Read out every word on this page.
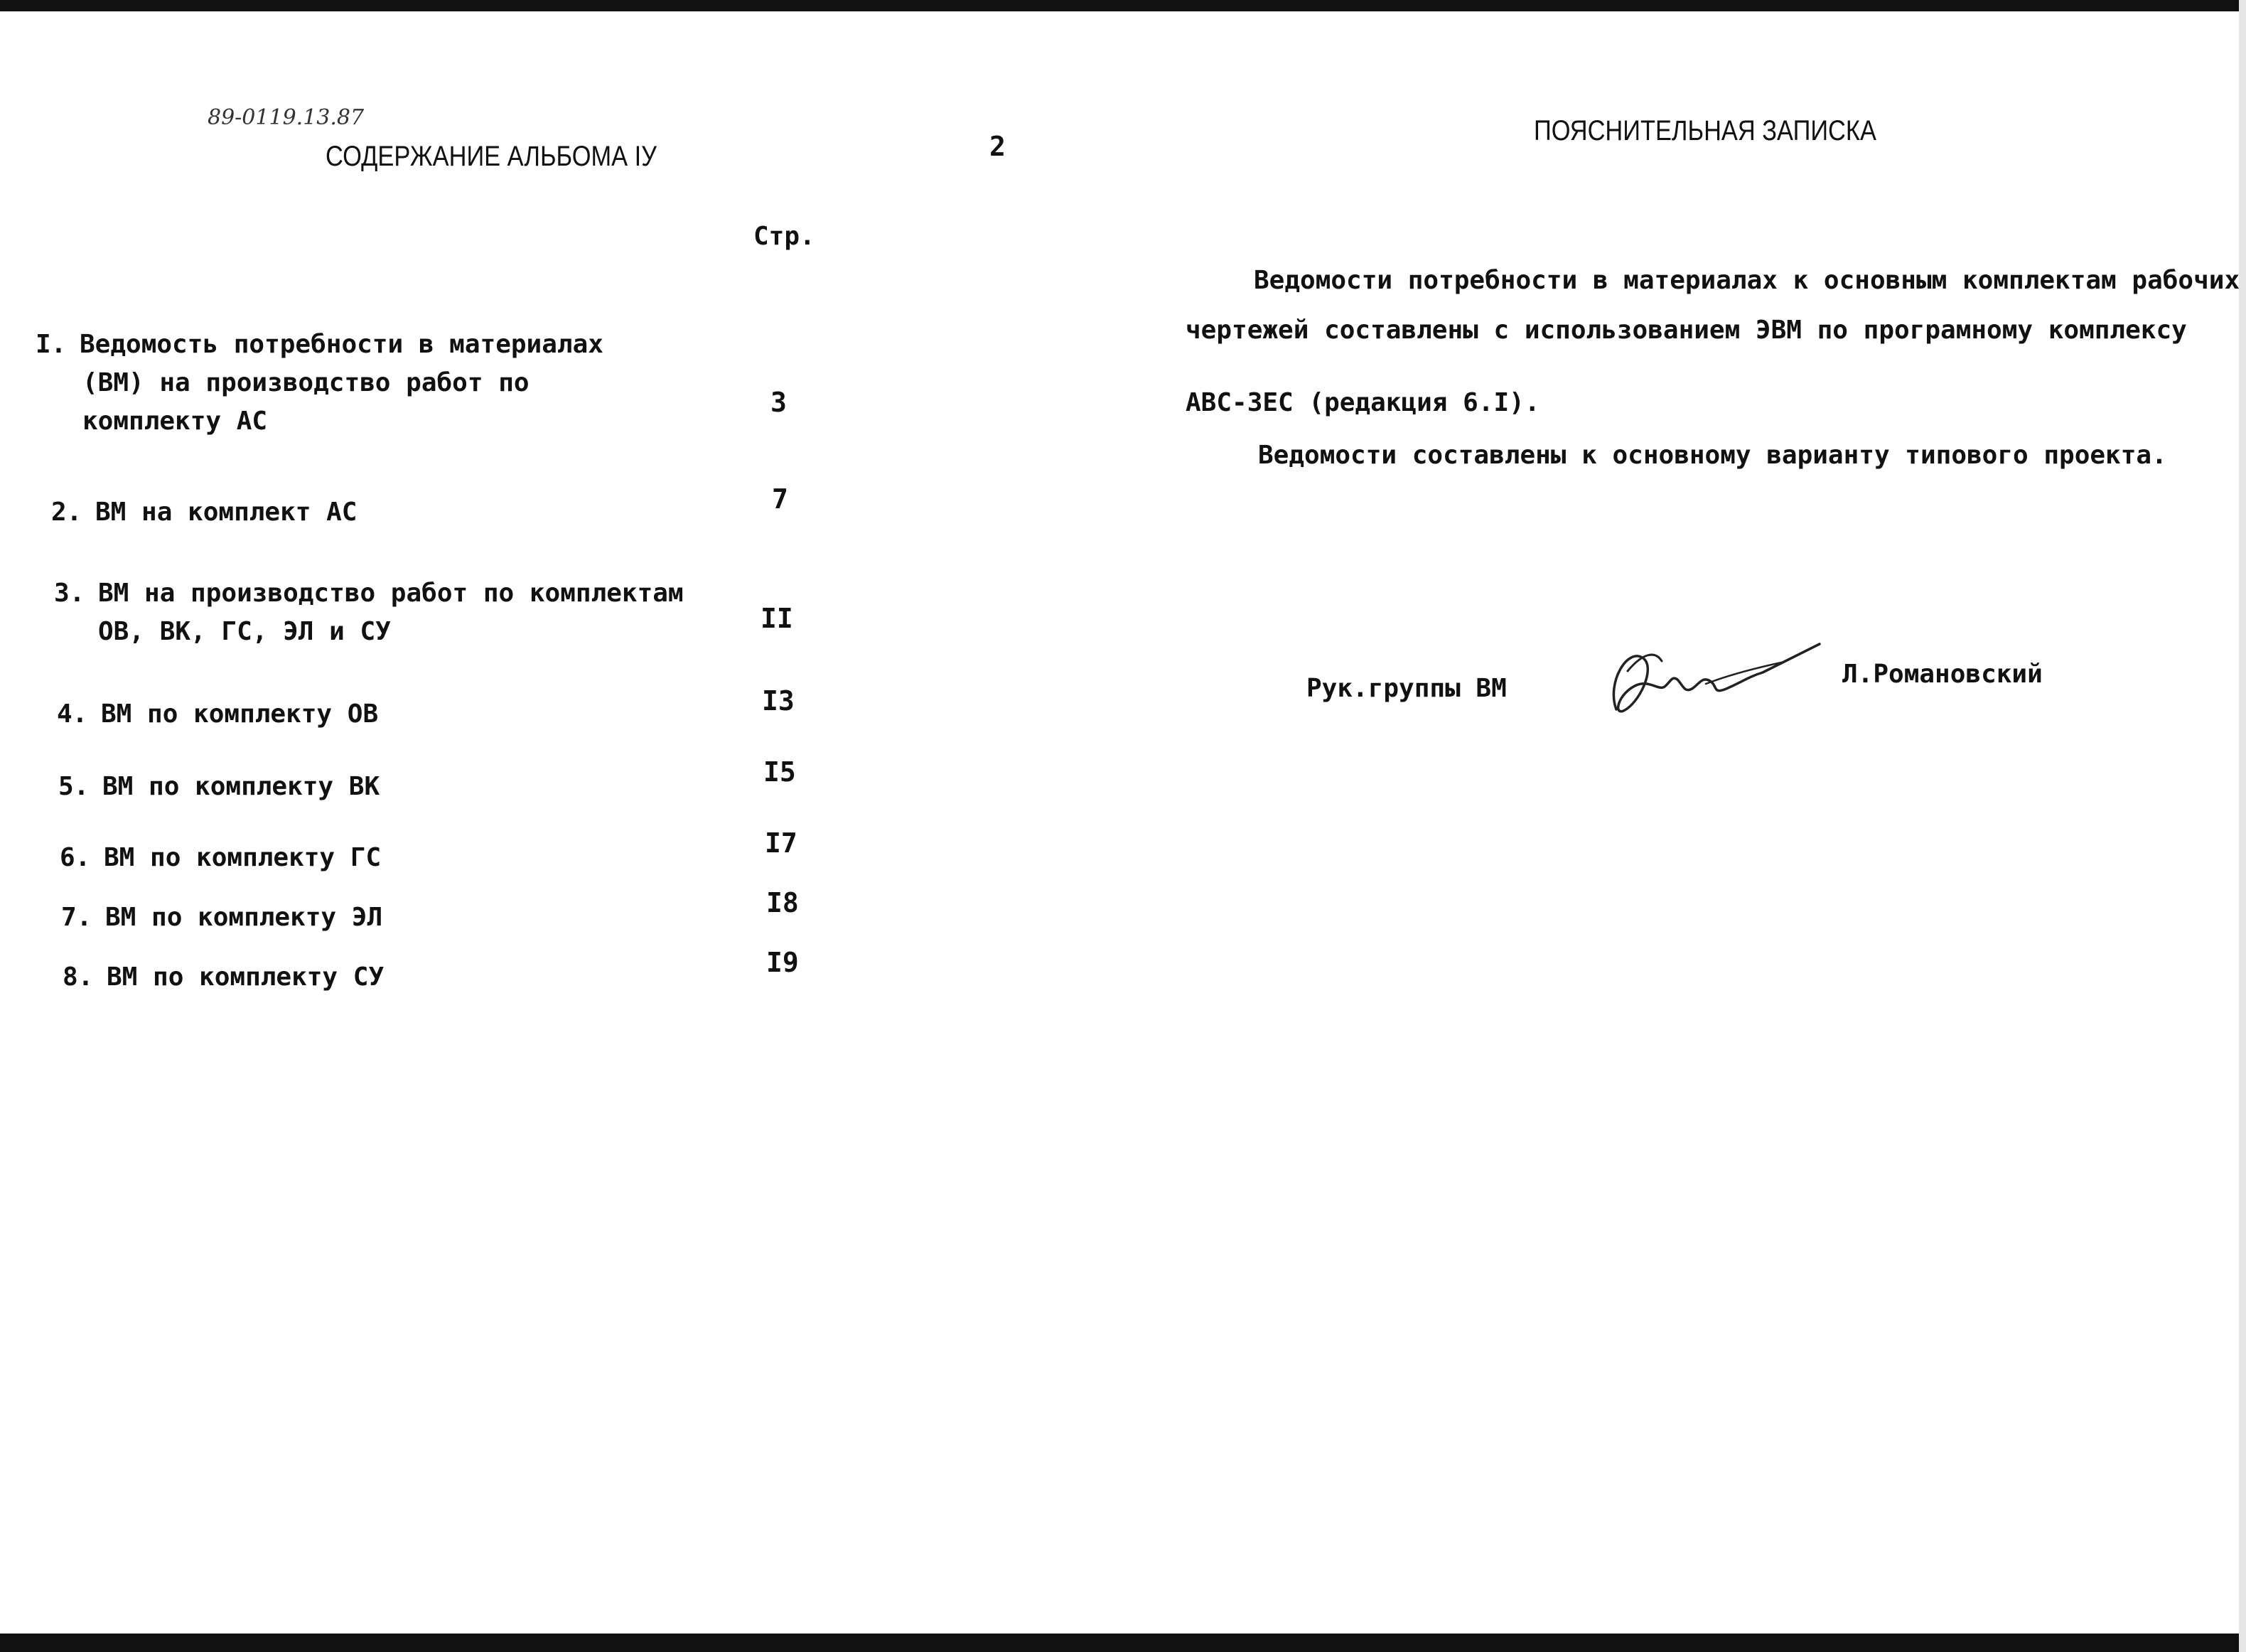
89-0119.13.87
СОДЕРЖАНИЕ АЛЬБОМА IУ	2
Стр.
I. Ведомость потребности в материалах
(ВМ) на производство работ по
комплекту АС
3
2. ВМ на комплект АС	7
3. ВМ на производство работ по комплектам
ОВ, ВК, ГС, ЭЛ и СУ	II
4. ВМ по комплекту ОВ	I3
5. ВМ по комплекту ВК	I5
6. ВМ по комплекту ГС	I7
7. ВМ по комплекту ЭЛ	I8
8. ВМ по комплекту СУ	I9
ПОЯСНИТЕЛЬНАЯ ЗАПИСКА
Ведомости потребности в материалах к основным комплектам рабочих
чертежей составлены с использованием ЭВМ по програмному комплексу
АВС-ЗЕС (редакция 6.I).
Ведомости составлены к основному варианту типового проекта.
Рук.группы ВМ	Л.Романовский
